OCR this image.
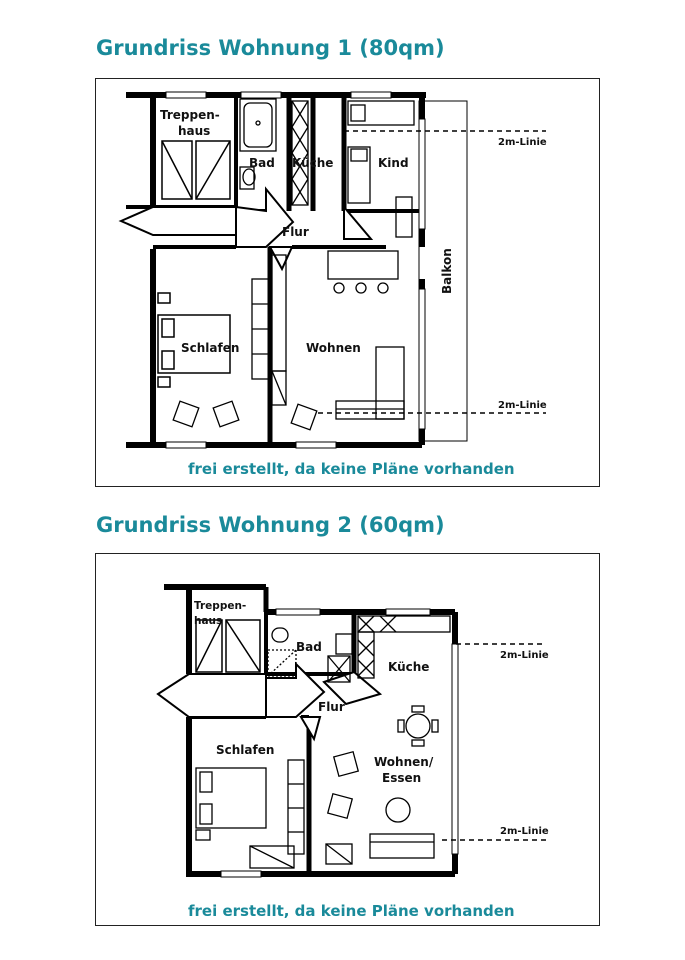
Grundriss Wohnung 1 (80qm)
Treppen-
haus
Bad Küche	Kind
Flur
Schlafen	Wohnen
Balkon
2m-Linie
2m-Linie
frei erstellt, da keine Pläne vorhanden
Grundriss Wohnung 2 (60qm)
Treppen-
haus
Bad
Küche
Flur
Schlafen
Wohnen/
Essen
2m-Linie
2m-Linie
frei erstellt, da keine Pläne vorhanden
